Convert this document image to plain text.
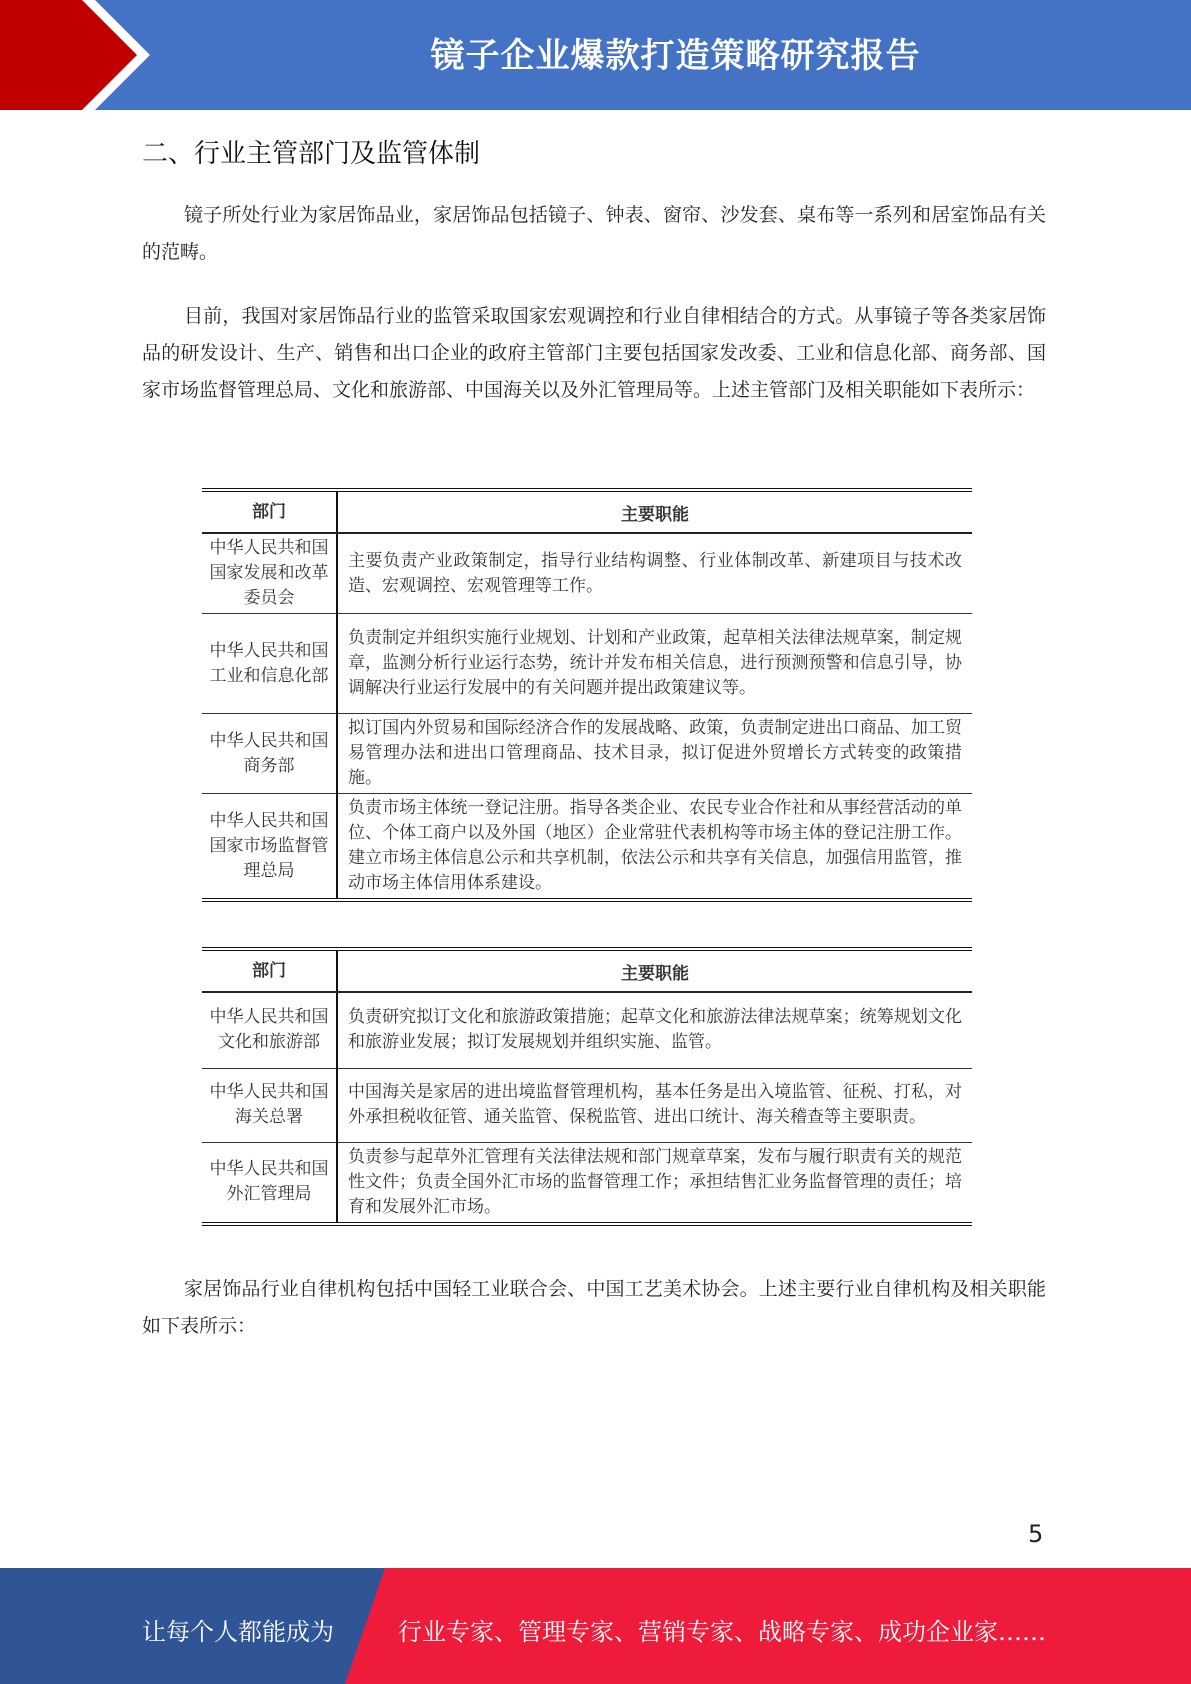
镜子企业爆款打造策略研究报告
二、行业主管部门及监管体制

镜子所处行业为家居饰品业，家居饰品包括镜子、钟表、窗帘、沙发套、桌布等一系列和居室饰品有关的范畴。

目前，我国对家居饰品行业的监管采取国家宏观调控和行业自律相结合的方式。从事镜子等各类家居饰品的研发设计、生产、销售和出口企业的政府主管部门主要包括国家发改委、工业和信息化部、商务部、国家市场监督管理总局、文化和旅游部、中国海关以及外汇管理局等。上述主管部门及相关职能如下表所示：

部门	主要职能
中华人民共和国国家发展和改革委员会	主要负责产业政策制定，指导行业结构调整、行业体制改革、新建项目与技术改造、宏观调控、宏观管理等工作。
中华人民共和国工业和信息化部	负责制定并组织实施行业规划、计划和产业政策，起草相关法律法规草案，制定规章，监测分析行业运行态势，统计并发布相关信息，进行预测预警和信息引导，协调解决行业运行发展中的有关问题并提出政策建议等。
中华人民共和国商务部	拟订国内外贸易和国际经济合作的发展战略、政策，负责制定进出口商品、加工贸易管理办法和进出口管理商品、技术目录，拟订促进外贸增长方式转变的政策措施。
中华人民共和国国家市场监督管理总局	负责市场主体统一登记注册。指导各类企业、农民专业合作社和从事经营活动的单位、个体工商户以及外国（地区）企业常驻代表机构等市场主体的登记注册工作。建立市场主体信息公示和共享机制，依法公示和共享有关信息，加强信用监管，推动市场主体信用体系建设。
部门	主要职能
中华人民共和国文化和旅游部	负责研究拟订文化和旅游政策措施；起草文化和旅游法律法规草案；统筹规划文化和旅游业发展；拟订发展规划并组织实施、监管。
中华人民共和国海关总署	中国海关是家居的进出境监督管理机构，基本任务是出入境监管、征税、打私，对外承担税收征管、通关监管、保税监管、进出口统计、海关稽查等主要职责。
中华人民共和国外汇管理局	负责参与起草外汇管理有关法律法规和部门规章草案，发布与履行职责有关的规范性文件；负责全国外汇市场的监督管理工作；承担结售汇业务监督管理的责任；培育和发展外汇市场。

家居饰品行业自律机构包括中国轻工业联合会、中国工艺美术协会。上述主要行业自律机构及相关职能如下表所示：

5
让每个人都能成为	行业专家、管理专家、营销专家、战略专家、成功企业家……
